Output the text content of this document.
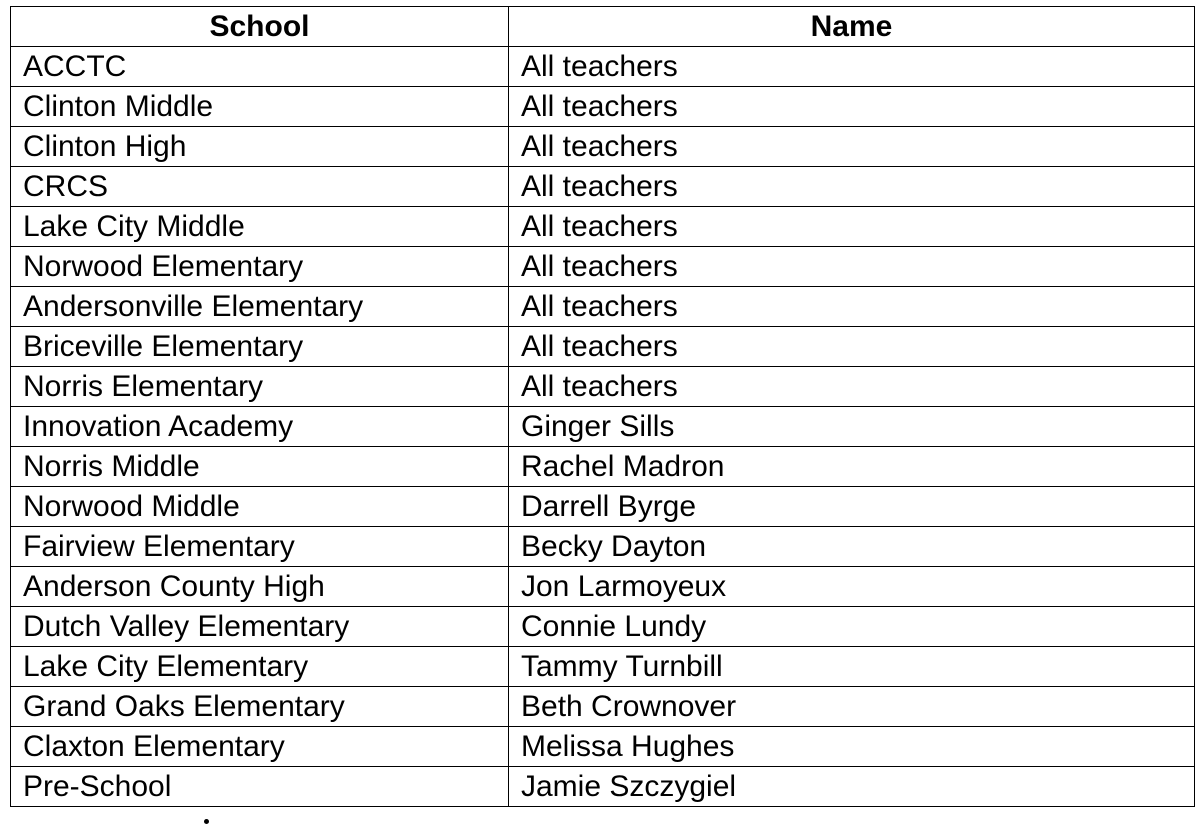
School	Name
ACCTC	All teachers
Clinton Middle	All teachers
Clinton High	All teachers
CRCS	All teachers
Lake City Middle	All teachers
Norwood Elementary	All teachers
Andersonville Elementary	All teachers
Briceville Elementary	All teachers
Norris Elementary	All teachers
Innovation Academy	Ginger Sills
Norris Middle	Rachel Madron
Norwood Middle	Darrell Byrge
Fairview Elementary	Becky Dayton
Anderson County High	Jon Larmoyeux
Dutch Valley Elementary	Connie Lundy
Lake City Elementary	Tammy Turnbill
Grand Oaks Elementary	Beth Crownover
Claxton Elementary	Melissa Hughes
Pre-School	Jamie Szczygiel
